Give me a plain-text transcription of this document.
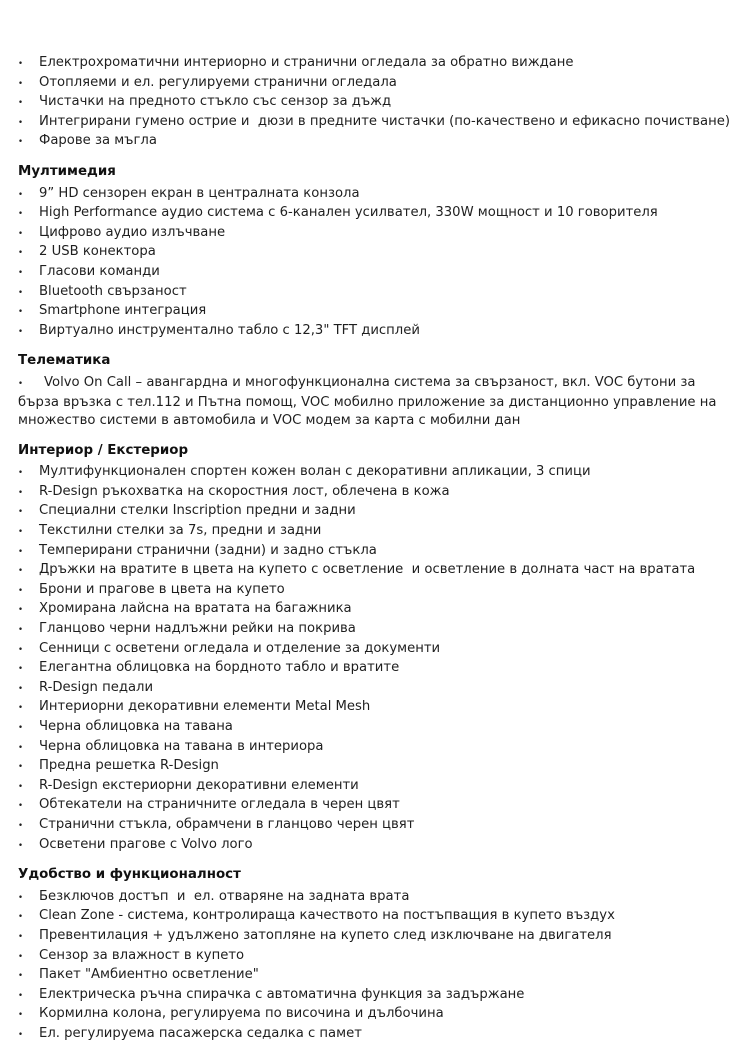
•	Електрохроматични интериорно и странични огледала за обратно виждане
•	Отопляеми и ел. регулируеми странични огледала
•	Чистачки на предното стъкло със сензор за дъжд
•	Интегрирани гумено острие и  дюзи в предните чистачки (по-качествено и ефикасно почистване)
•	Фарове за мъгла
Мултимедия
•	9” HD сензорен екран в централната конзола
•	High Performance аудио система с 6-канален усилвател, 330W мощност и 10 говорителя
•	Цифрово аудио излъчване
•	2 USB конектора
•	Гласови команди
•	Bluetooth свързаност
•	Smartphone интеграция
•	Виртуално инструментално табло с 12,3" TFT дисплей
Телематика
• Volvo On Call – авангардна и многофункционална система за свързаност, вкл. VOC бутони за бърза връзка с тел.112 и Пътна помощ, VOC мобилно приложение за дистанционно управление на множество системи в автомобила и VOC модем за карта с мобилни дан
Интериор / Екстериор
•	Мултифункционален спортен кожен волан с декоративни апликации, 3 спици
•	R-Design ръкохватка на скоростния лост, облечена в кожа
•	Специални стелки Inscription предни и задни
•	Текстилни стелки за 7s, предни и задни
•	Темперирани странични (задни) и задно стъкла
•	Дръжки на вратите в цвета на купето с осветление  и осветление в долната част на вратата
•	Брони и прагове в цвета на купето
•	Хромирана лайсна на вратата на багажника
•	Гланцово черни надлъжни рейки на покрива
•	Сенници с осветени огледала и отделение за документи
•	Елегантна облицовка на бордното табло и вратите
•	R-Design педали
•	Интериорни декоративни елементи Metal Mesh
•	Черна облицовка на тавана
•	Черна облицовка на тавана в интериора
•	Предна решетка R-Design
•	R-Design екстериорни декоративни елементи
•	Обтекатели на страничните огледала в черен цвят
•	Странични стъкла, обрамчени в гланцово черен цвят
•	Осветени прагове с Volvo лого
Удобство и функционалност
•	Безключов достъп  и  ел. отваряне на задната врата
•	Clean Zone - система, контролираща качеството на постъпващия в купето въздух
•	Превентилация + удължено затопляне на купето след изключване на двигателя
•	Сензор за влажност в купето
•	Пакет "Амбиентно осветление"
•	Електрическа ръчна спирачка с автоматична функция за задържане
•	Кормилна колона, регулируема по височина и дълбочина
•	Ел. регулируема пасажерска седалка с памет
